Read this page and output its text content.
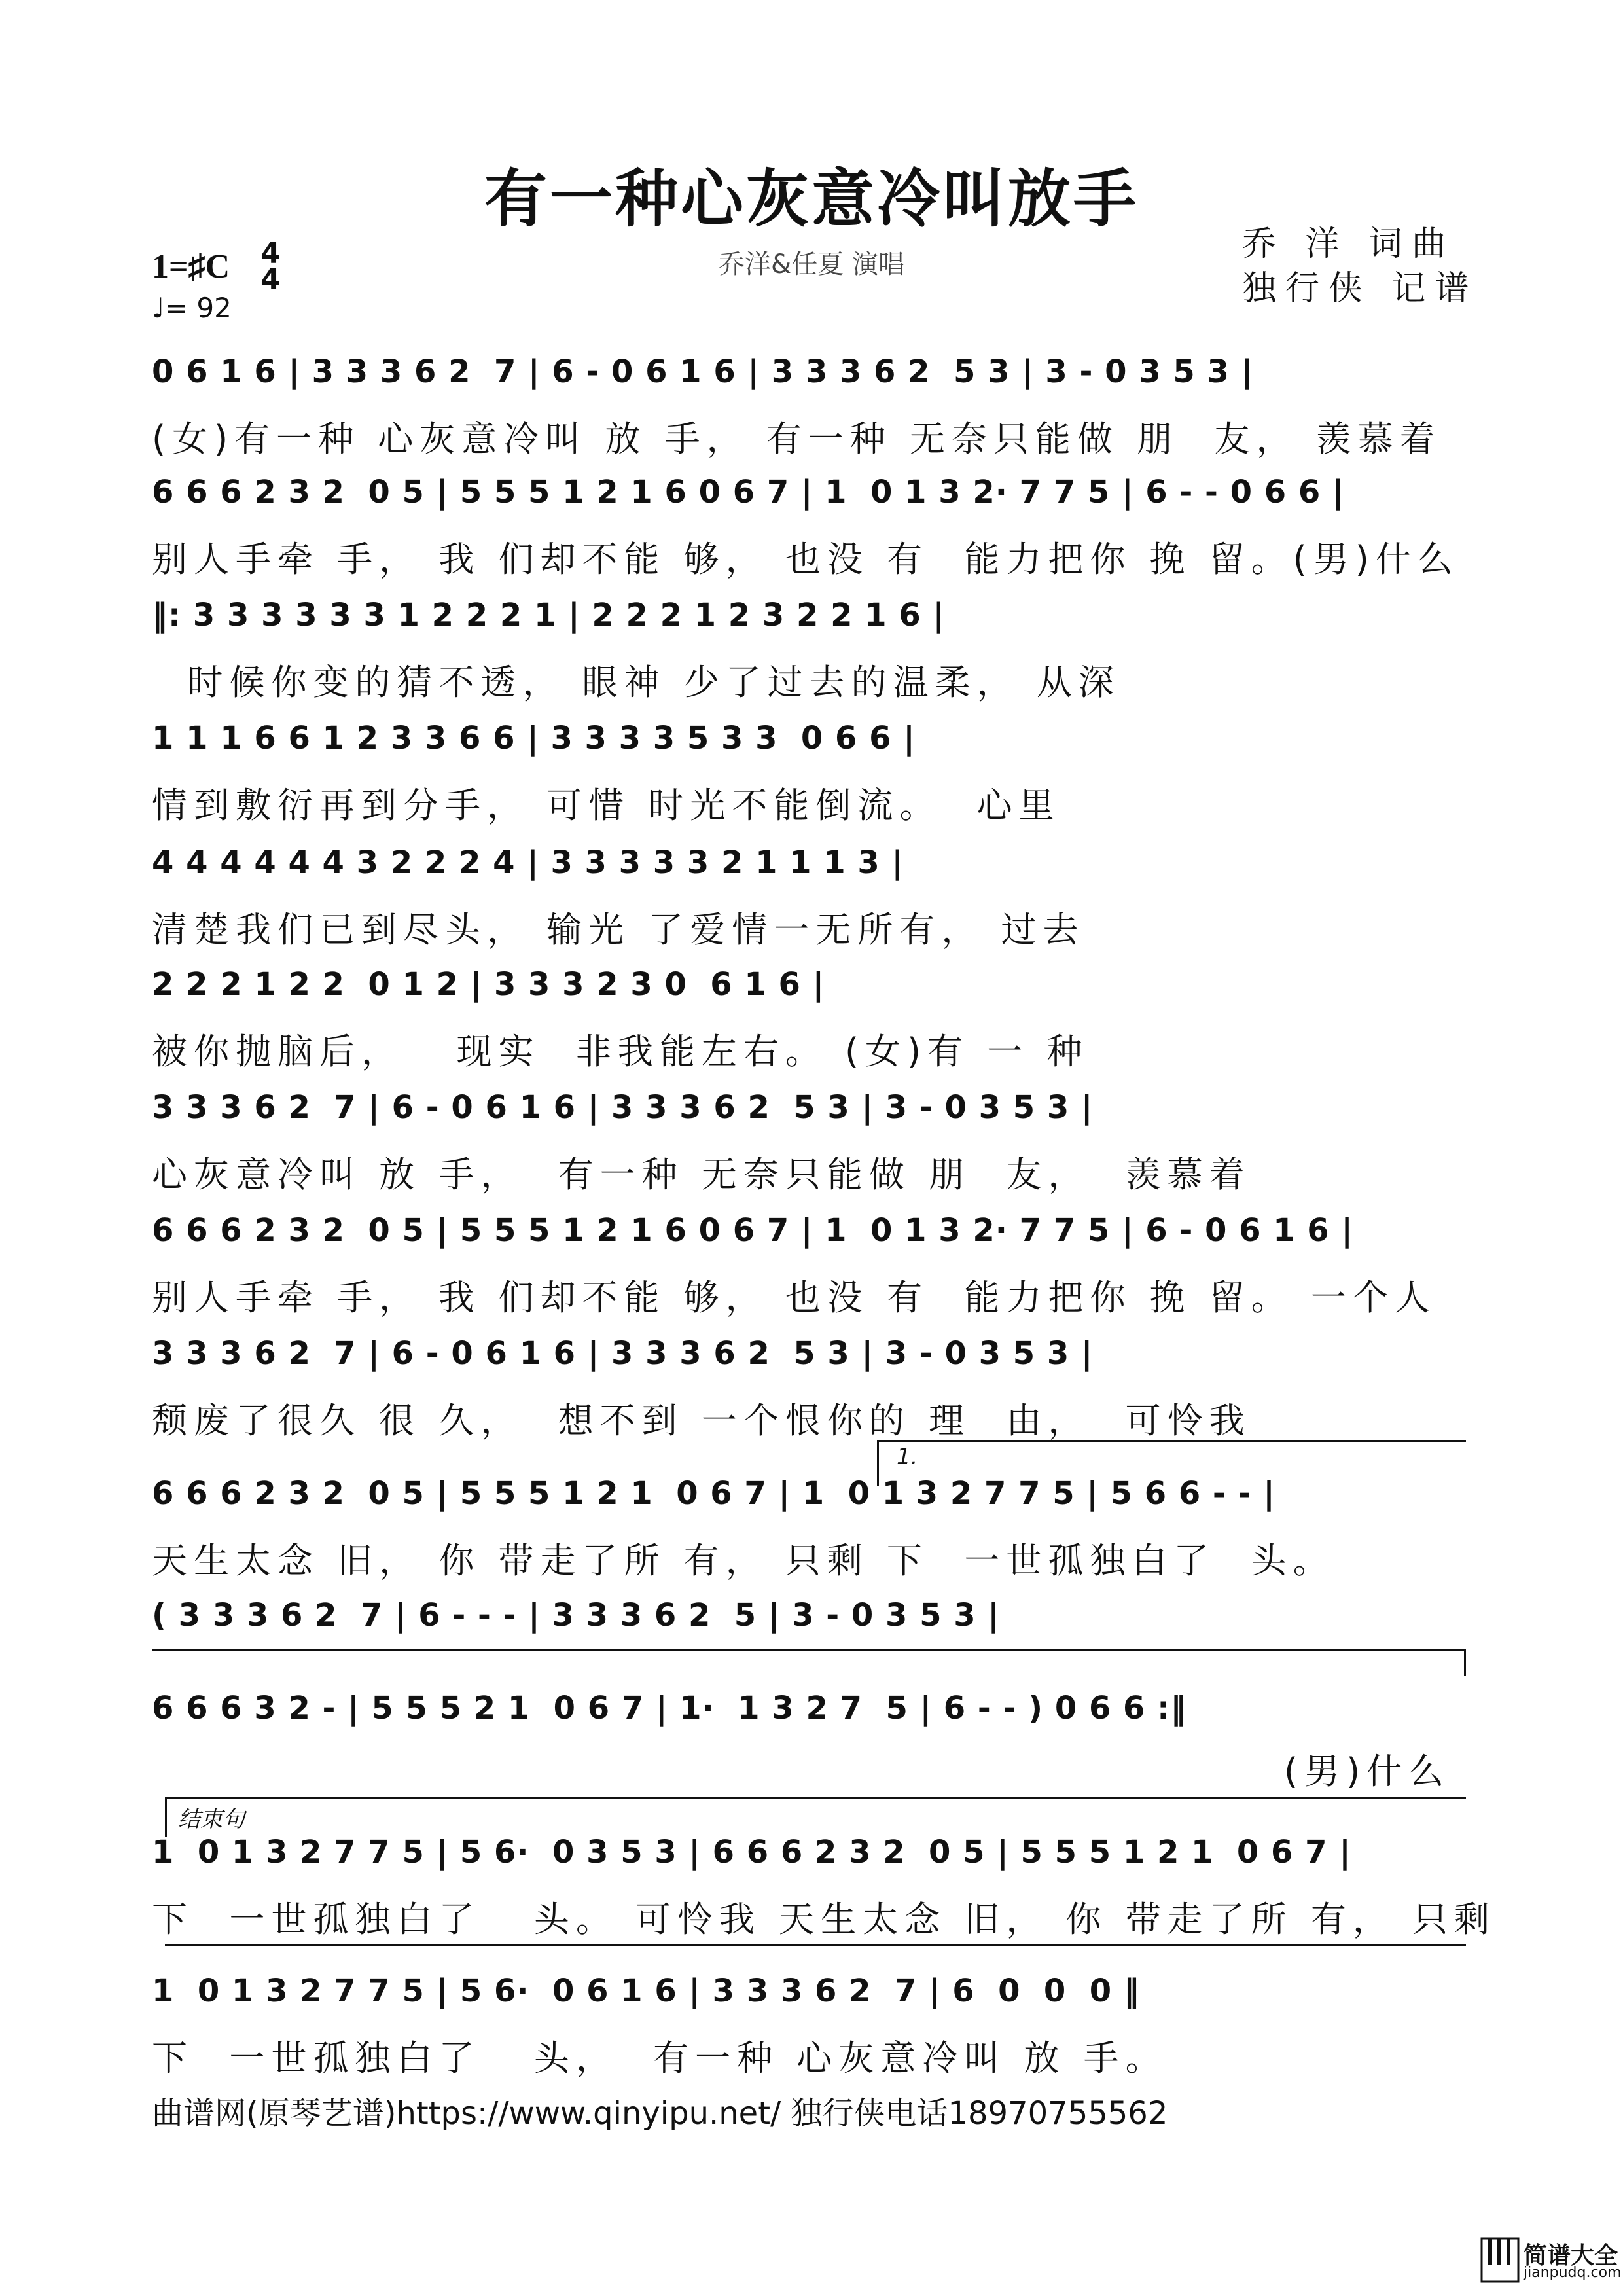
有一种心灰意冷叫放手
乔洋&任夏 演唱
乔 洋 词曲
独行侠 记谱
1=♯C 4
4
♩= 92
0 6 1 6 | 3 3 3 6 2  7 | 6 - 0 6 1 6 | 3 3 3 6 2  5 3 | 3 - 0 3 5 3 |
(女)有一种 心灰意冷叫 放 手， 有一种 无奈只能做 朋  友， 羡慕着
6 6 6 2 3 2  0 5 | 5 5 5 1 2 1 6 0 6 7 | 1  0 1 3 2· 7 7 5 | 6 - - 0 6 6 |
别人手牵 手， 我 们却不能 够， 也没 有  能力把你 挽 留。(男)什么
‖: 3 3 3 3 3 3 1 2 2 2 1 | 2 2 2 1 2 3 2 2 1 6 |
时候你变的猜不透， 眼神 少了过去的温柔， 从深
1 1 1 6 6 1 2 3 3 6 6 | 3 3 3 3 5 3 3  0 6 6 |
情到敷衍再到分手， 可惜 时光不能倒流。  心里
4 4 4 4 4 4 3 2 2 2 4 | 3 3 3 3 3 2 1 1 1 3 |
清楚我们已到尽头， 输光 了爱情一无所有， 过去
2 2 2 1 2 2  0 1 2 | 3 3 3 2 3 0  6 1 6 |
被你抛脑后，   现实  非我能左右。 (女)有 一 种
3 3 3 6 2  7 | 6 - 0 6 1 6 | 3 3 3 6 2  5 3 | 3 - 0 3 5 3 |
心灰意冷叫 放 手，  有一种 无奈只能做 朋  友，  羡慕着
6 6 6 2 3 2  0 5 | 5 5 5 1 2 1 6 0 6 7 | 1  0 1 3 2· 7 7 5 | 6 - 0 6 1 6 |
别人手牵 手， 我 们却不能 够， 也没 有  能力把你 挽 留。 一个人
3 3 3 6 2  7 | 6 - 0 6 1 6 | 3 3 3 6 2  5 3 | 3 - 0 3 5 3 |
颓废了很久 很 久，  想不到 一个恨你的 理  由，  可怜我
1.
6 6 6 2 3 2  0 5 | 5 5 5 1 2 1  0 6 7 | 1  0 1 3 2 7 7 5 | 5 6 6 - - |
天生太念 旧， 你 带走了所 有， 只剩 下  一世孤独白了  头。
( 3 3 3 6 2  7 | 6 - - - | 3 3 3 6 2  5 | 3 - 0 3 5 3 |
6 6 6 3 2 - | 5 5 5 2 1  0 6 7 | 1·  1 3 2 7  5 | 6 - - ) 0 6 6 :‖
(男)什么
结束句
1  0 1 3 2 7 7 5 | 5 6·  0 3 5 3 | 6 6 6 2 3 2  0 5 | 5 5 5 1 2 1  0 6 7 |
下  一世孤独白了   头。 可怜我 天生太念 旧， 你 带走了所 有， 只剩
1  0 1 3 2 7 7 5 | 5 6·  0 6 1 6 | 3 3 3 6 2  7 | 6  0  0  0 ‖
下  一世孤独白了   头，  有一种 心灰意冷叫 放 手。
曲谱网(原琴艺谱)https://www.qinyipu.net/ 独行侠电话18970755562
简谱大全
jianpudq.com
